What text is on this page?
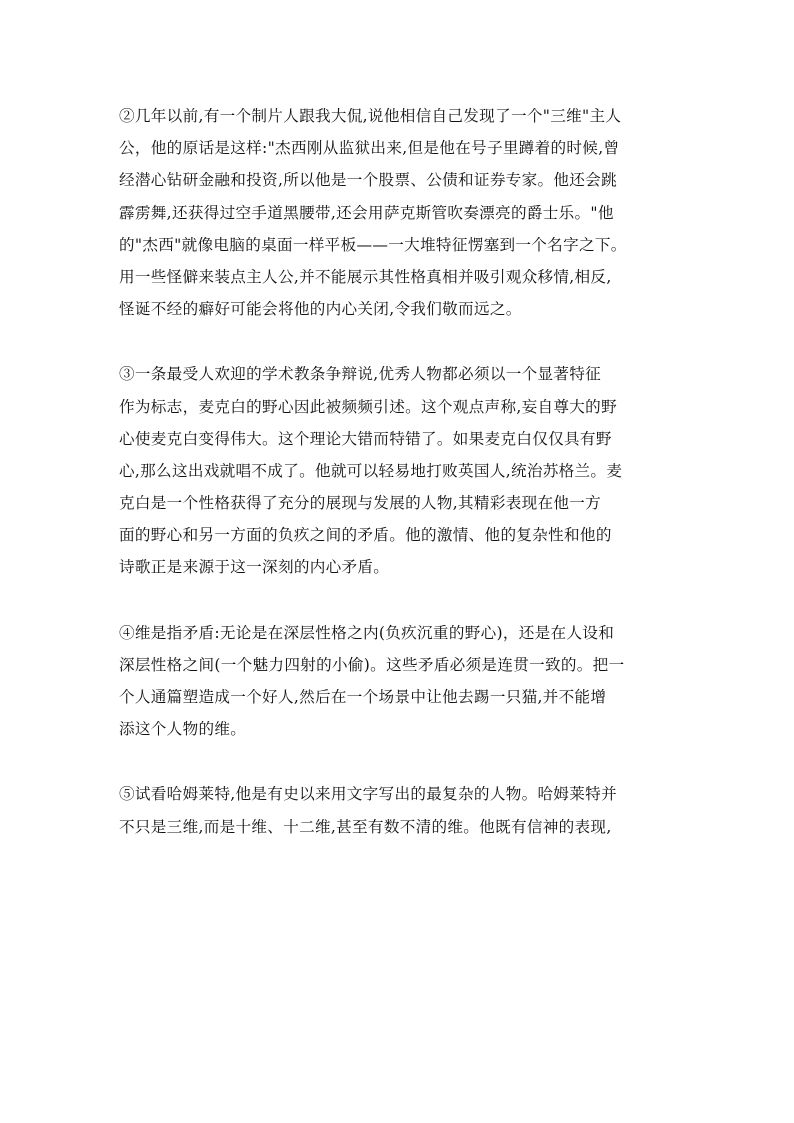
②几年以前,有一个制片人跟我大侃,说他相信自己发现了一个"三维"主人
公，他的原话是这样:"杰西刚从监狱出来,但是他在号子里蹲着的时候,曾
经潜心钻研金融和投资,所以他是一个股票、公债和证券专家。他还会跳
霹雳舞,还获得过空手道黑腰带,还会用萨克斯管吹奏漂亮的爵士乐。"他
的"杰西"就像电脑的桌面一样平板——一大堆特征愣塞到一个名字之下。
用一些怪僻来装点主人公,并不能展示其性格真相并吸引观众移情,相反,
怪诞不经的癖好可能会将他的内心关闭,令我们敬而远之。
③一条最受人欢迎的学术教条争辩说,优秀人物都必须以一个显著特征
作为标志，麦克白的野心因此被频频引述。这个观点声称,妄自尊大的野
心使麦克白变得伟大。这个理论大错而特错了。如果麦克白仅仅具有野
心,那么这出戏就唱不成了。他就可以轻易地打败英国人,统治苏格兰。麦
克白是一个性格获得了充分的展现与发展的人物,其精彩表现在他一方
面的野心和另一方面的负疚之间的矛盾。他的激情、他的复杂性和他的
诗歌正是来源于这一深刻的内心矛盾。
④维是指矛盾:无论是在深层性格之内(负疚沉重的野心)，还是在人设和
深层性格之间(一个魅力四射的小偷)。这些矛盾必须是连贯一致的。把一
个人通篇塑造成一个好人,然后在一个场景中让他去踢一只猫,并不能增
添这个人物的维。
⑤试看哈姆莱特,他是有史以来用文字写出的最复杂的人物。哈姆莱特并
不只是三维,而是十维、十二维,甚至有数不清的维。他既有信神的表现,
